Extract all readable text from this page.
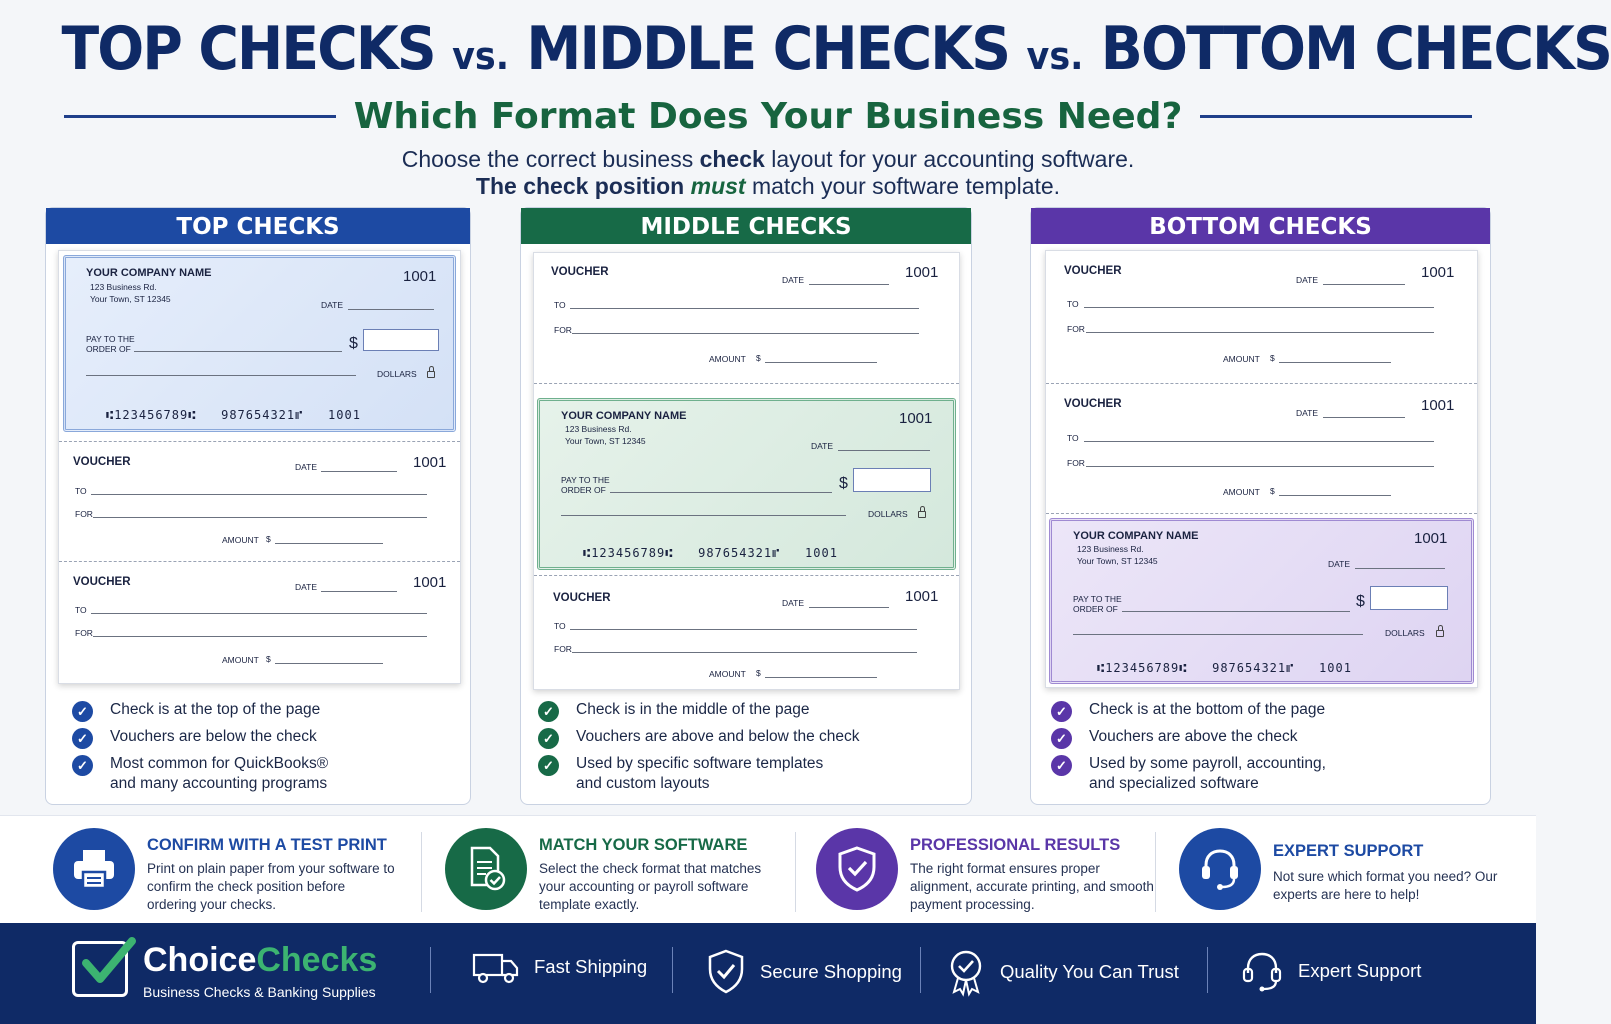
TOP CHECKS vs. MIDDLE CHECKS vs. BOTTOM CHECKS
Which Format Does Your Business Need?
Choose the correct business check layout for your accounting software.
The check position must match your software template.
TOP CHECKS
YOUR COMPANY NAME
123 Business Rd.
Your Town, ST 12345
1001
DATE
PAY TO THE
ORDER OF	$
DOLLARS
⑆123456789⑆ 987654321⑈ 1001
VOUCHER	DATE	1001
TO
FOR
AMOUNT $
VOUCHER	DATE	1001
TO
FOR
AMOUNT $
✓	Check is at the top of the page
✓	Vouchers are below the check
✓	Most common for QuickBooks®
and many accounting programs
MIDDLE CHECKS
VOUCHER
DATE	1001
TO
FOR
AMOUNT $
YOUR COMPANY NAME
123 Business Rd.
Your Town, ST 12345
1001
DATE
PAY TO THE
ORDER OF	$
DOLLARS
⑆123456789⑆ 987654321⑈ 1001
VOUCHER	DATE	1001
TO
FOR
AMOUNT $
✓	Check is in the middle of the page
✓	Vouchers are above and below the check
✓	Used by specific software templates
and custom layouts
BOTTOM CHECKS
VOUCHER
DATE	1001
TO
FOR
AMOUNT $
VOUCHER
DATE	1001
TO
FOR
AMOUNT $
YOUR COMPANY NAME
123 Business Rd.
Your Town, ST 12345
1001
DATE
PAY TO THE
ORDER OF	$
DOLLARS
⑆123456789⑆ 987654321⑈ 1001
✓	Check is at the bottom of the page
✓	Vouchers are above the check
✓	Used by some payroll, accounting,
and specialized software
CONFIRM WITH A TEST PRINT
Print on plain paper from your software to confirm the check position before ordering your checks.
MATCH YOUR SOFTWARE
Select the check format that matches your accounting or payroll software template exactly.
PROFESSIONAL RESULTS
The right format ensures proper alignment, accurate printing, and smooth payment processing.
EXPERT SUPPORT
Not sure which format you need? Our experts are here to help!
ChoiceChecks
Business Checks & Banking Supplies
Fast Shipping	Secure Shopping	Quality You Can Trust	Expert Support
